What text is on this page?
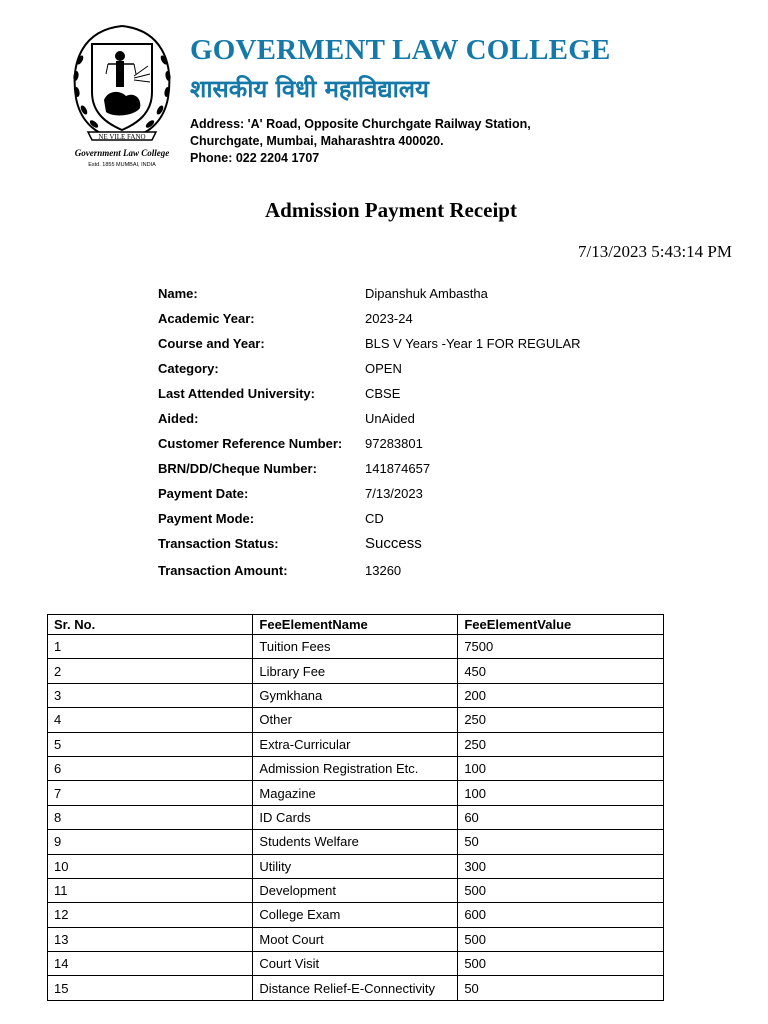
NE VILE FANO
Government Law College
Estd. 1855 MUMBAI, INDIA
GOVERMENT LAW COLLEGE
शासकीय विधी महाविद्यालय
Address: 'A' Road, Opposite Churchgate Railway Station,
Churchgate, Mumbai, Maharashtra 400020.
Phone: 022 2204 1707
Admission Payment Receipt
7/13/2023 5:43:14 PM
Name:	Dipanshuk Ambastha
Academic Year:	2023-24
Course and Year:	BLS V Years -Year 1 FOR REGULAR
Category:	OPEN
Last Attended University:	CBSE
Aided:	UnAided
Customer Reference Number: 97283801
BRN/DD/Cheque Number:	141874657
Payment Date:	7/13/2023
Payment Mode:	CD
Transaction Status:	Success
Transaction Amount:	13260
Sr. No.	FeeElementName	FeeElementValue
1	Tuition Fees	7500
2	Library Fee	450
3	Gymkhana	200
4	Other	250
5	Extra-Curricular	250
6	Admission Registration Etc.	100
7	Magazine	100
8	ID Cards	60
9	Students Welfare	50
10	Utility	300
11	Development	500
12	College Exam	600
13	Moot Court	500
14	Court Visit	500
15	Distance Relief-E-Connectivity	50
